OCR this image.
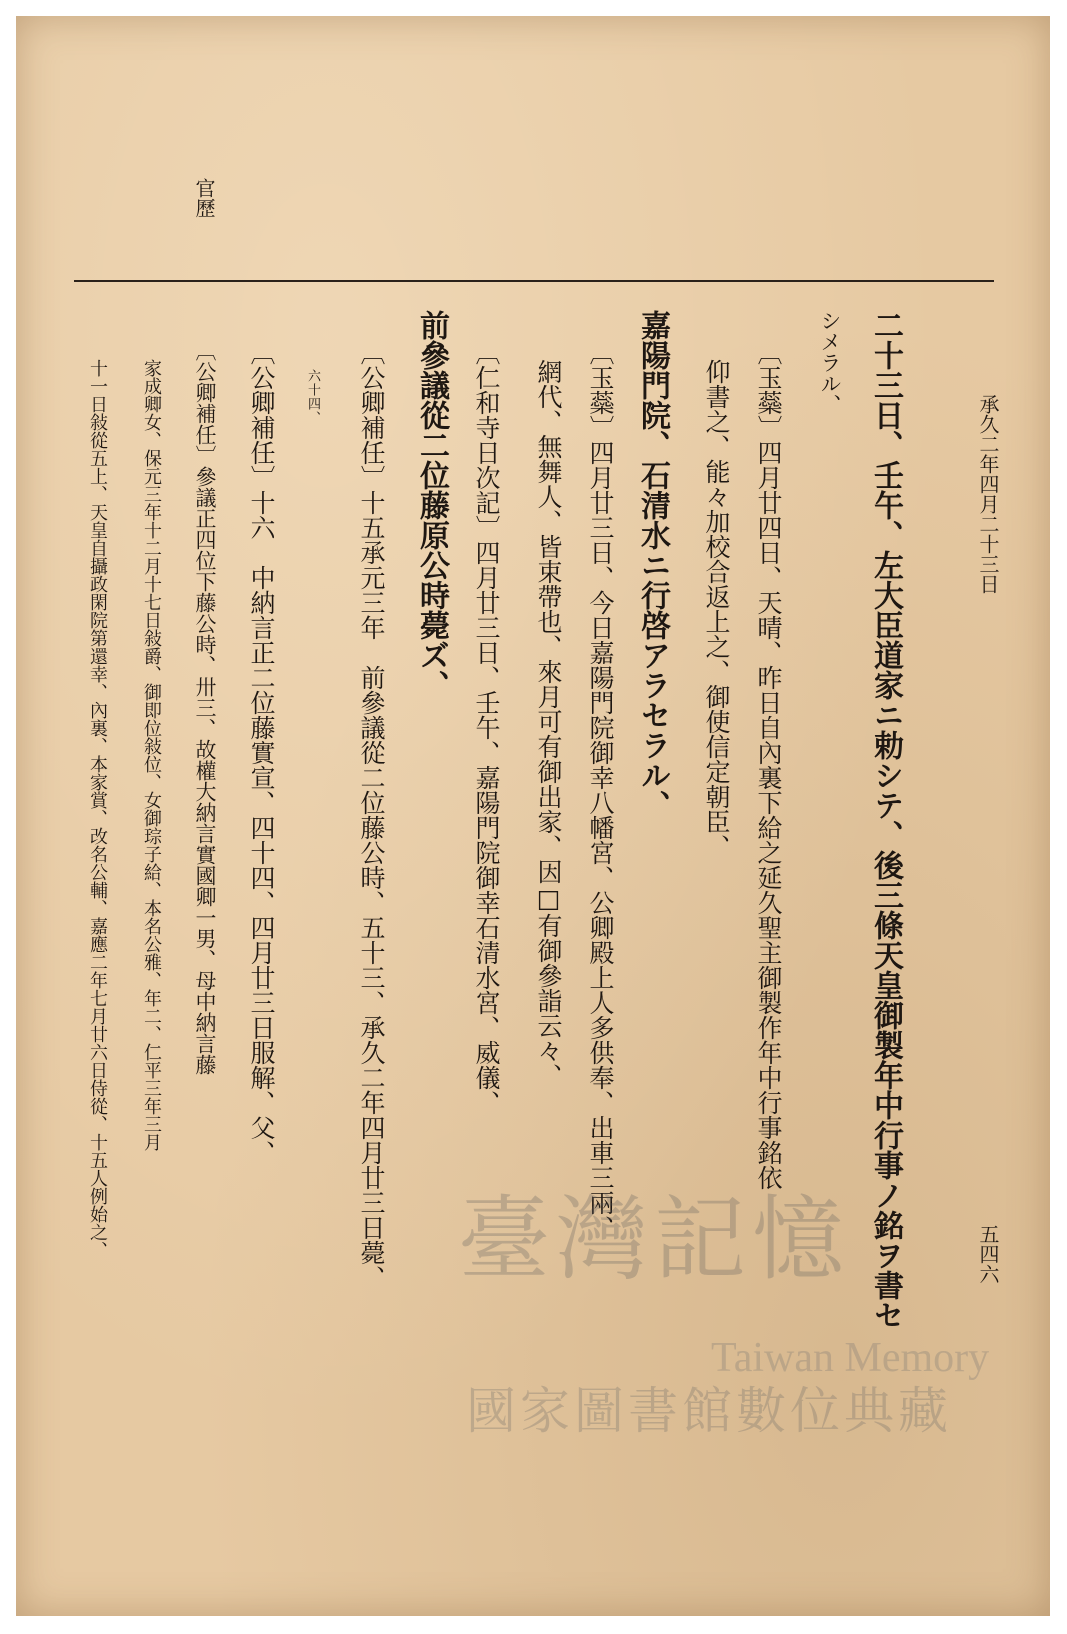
承久二年四月二十三日
五四六
官歷
二十三日、壬午、左大臣道家ニ勅シテ、後三條天皇御製年中行事ノ銘ヲ書セ
シメラル、
〔玉蘂〕四月廿四日、天晴、昨日自內裏下給之延久聖主御製作年中行事銘依
仰書之、能々加校合返上之、御使信定朝臣、
嘉陽門院、石清水ニ行啓アラセラル、
〔玉蘂〕四月廿三日、今日嘉陽門院御幸八幡宮、公卿殿上人多供奉、出車三兩、
網代、無舞人、皆束帶也、來月可有御出家、因□有御參詣云々、
〔仁和寺日次記〕四月廿三日、壬午、嘉陽門院御幸石清水宮、威儀、
前參議從二位藤原公時薨ズ、
〔公卿補任〕十五承元三年　前參議從二位藤公時、五十三、承久二年四月廿三日薨、
六十四、
〔公卿補任〕十六　中納言正二位藤實宣、四十四、四月廿三日服解、父、
〔公卿補任〕參議正四位下藤公時、卅三、故權大納言實國卿一男、母中納言藤
家成卿女、保元三年十二月十七日敍爵、御即位敍位、女御琮子給、本名公雅、年二、仁平三年三月
十一日敍從五上、天皇自攝政閑院第還幸、內裏、本家賞、改名公輔、嘉應二年七月廿六日侍從、十五人例始之、	臺灣記憶
Taiwan Memory
國家圖書館數位典藏
